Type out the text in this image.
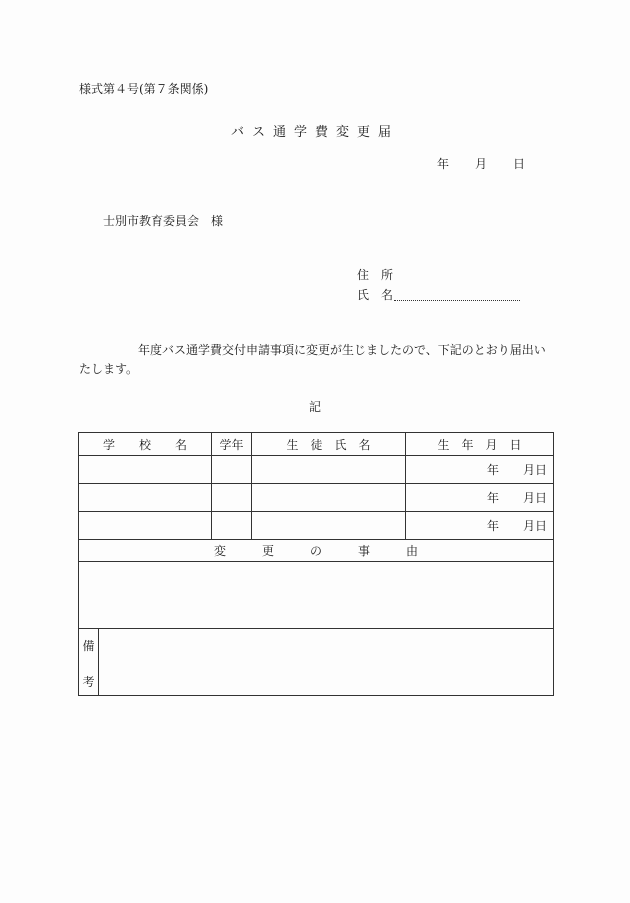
様式第４号(第７条関係)
バス通学費変更届
年 月 日
士別市教育委員会　様
住　所
氏　名
年度バス通学費交付申請事項に変更が生じましたので、下記のとおり届出いたします。
記
学　　校　　名		学年	生　徒　氏　名	生　年　月　日
				年 月日
				年 月日
				年 月日
変　　　更　　　の　　　事　　　由				

備
考				
